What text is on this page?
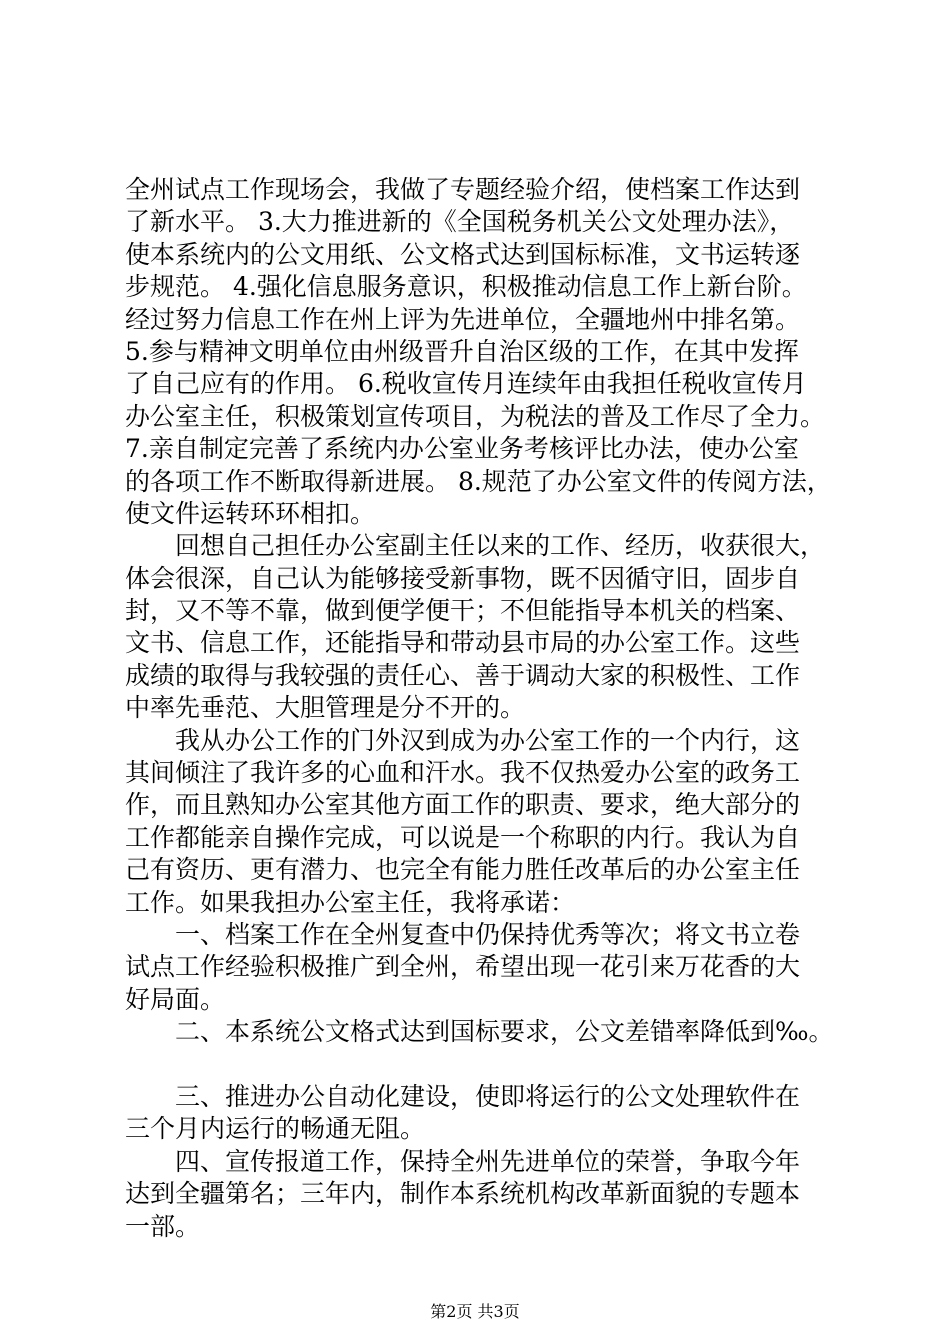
全州试点工作现场会，我做了专题经验介绍，使档案工作达到
了新水平。 3.大力推进新的《全国税务机关公文处理办法》，
使本系统内的公文用纸、公文格式达到国标标准，文书运转逐
步规范。 4.强化信息服务意识，积极推动信息工作上新台阶。
经过努力信息工作在州上评为先进单位，全疆地州中排名第。
5.参与精神文明单位由州级晋升自治区级的工作，在其中发挥
了自己应有的作用。 6.税收宣传月连续年由我担任税收宣传月
办公室主任，积极策划宣传项目，为税法的普及工作尽了全力。
7.亲自制定完善了系统内办公室业务考核评比办法，使办公室
的各项工作不断取得新进展。 8.规范了办公室文件的传阅方法，
使文件运转环环相扣。
　　回想自己担任办公室副主任以来的工作、经历，收获很大，
体会很深，自己认为能够接受新事物，既不因循守旧，固步自
封，又不等不靠，做到便学便干；不但能指导本机关的档案、
文书、信息工作，还能指导和带动县市局的办公室工作。这些
成绩的取得与我较强的责任心、善于调动大家的积极性、工作
中率先垂范、大胆管理是分不开的。
　　我从办公工作的门外汉到成为办公室工作的一个内行，这
其间倾注了我许多的心血和汗水。我不仅热爱办公室的政务工
作，而且熟知办公室其他方面工作的职责、要求，绝大部分的
工作都能亲自操作完成，可以说是一个称职的内行。我认为自
己有资历、更有潜力、也完全有能力胜任改革后的办公室主任
工作。如果我担办公室主任，我将承诺：
　　一、档案工作在全州复查中仍保持优秀等次；将文书立卷
试点工作经验积极推广到全州，希望出现一花引来万花香的大
好局面。
　　二、本系统公文格式达到国标要求，公文差错率降低到‰。
　　三、推进办公自动化建设，使即将运行的公文处理软件在
三个月内运行的畅通无阻。
　　四、宣传报道工作，保持全州先进单位的荣誉，争取今年
达到全疆第名；三年内，制作本系统机构改革新面貌的专题本
一部。
第2页 共3页
